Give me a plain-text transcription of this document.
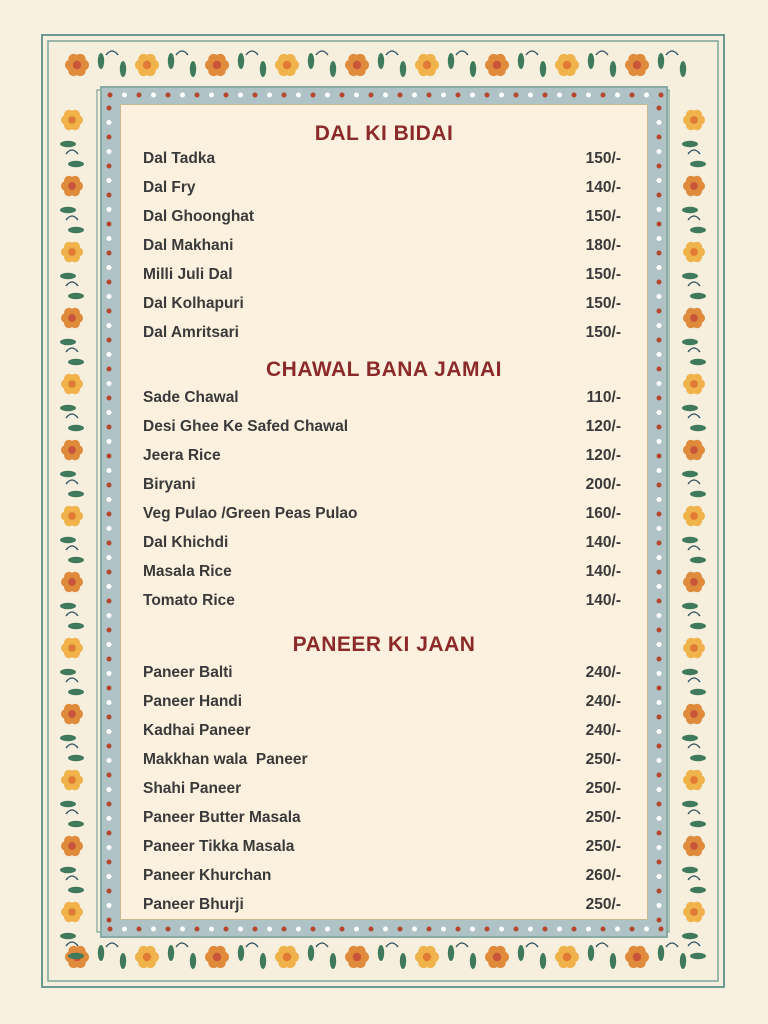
DAL KI BIDAI
Dal Tadka	150/-
Dal Fry	140/-
Dal Ghoonghat	150/-
Dal Makhani	180/-
Milli Juli Dal	150/-
Dal Kolhapuri	150/-
Dal Amritsari	150/-
CHAWAL BANA JAMAI
Sade Chawal	110/-
Desi Ghee Ke Safed Chawal	120/-
Jeera Rice	120/-
Biryani	200/-
Veg Pulao /Green Peas Pulao	160/-
Dal Khichdi	140/-
Masala Rice	140/-
Tomato Rice	140/-
PANEER KI JAAN
Paneer Balti	240/-
Paneer Handi	240/-
Kadhai Paneer	240/-
Makkhan wala  Paneer	250/-
Shahi Paneer	250/-
Paneer Butter Masala	250/-
Paneer Tikka Masala	250/-
Paneer Khurchan	260/-
Paneer Bhurji	250/-
